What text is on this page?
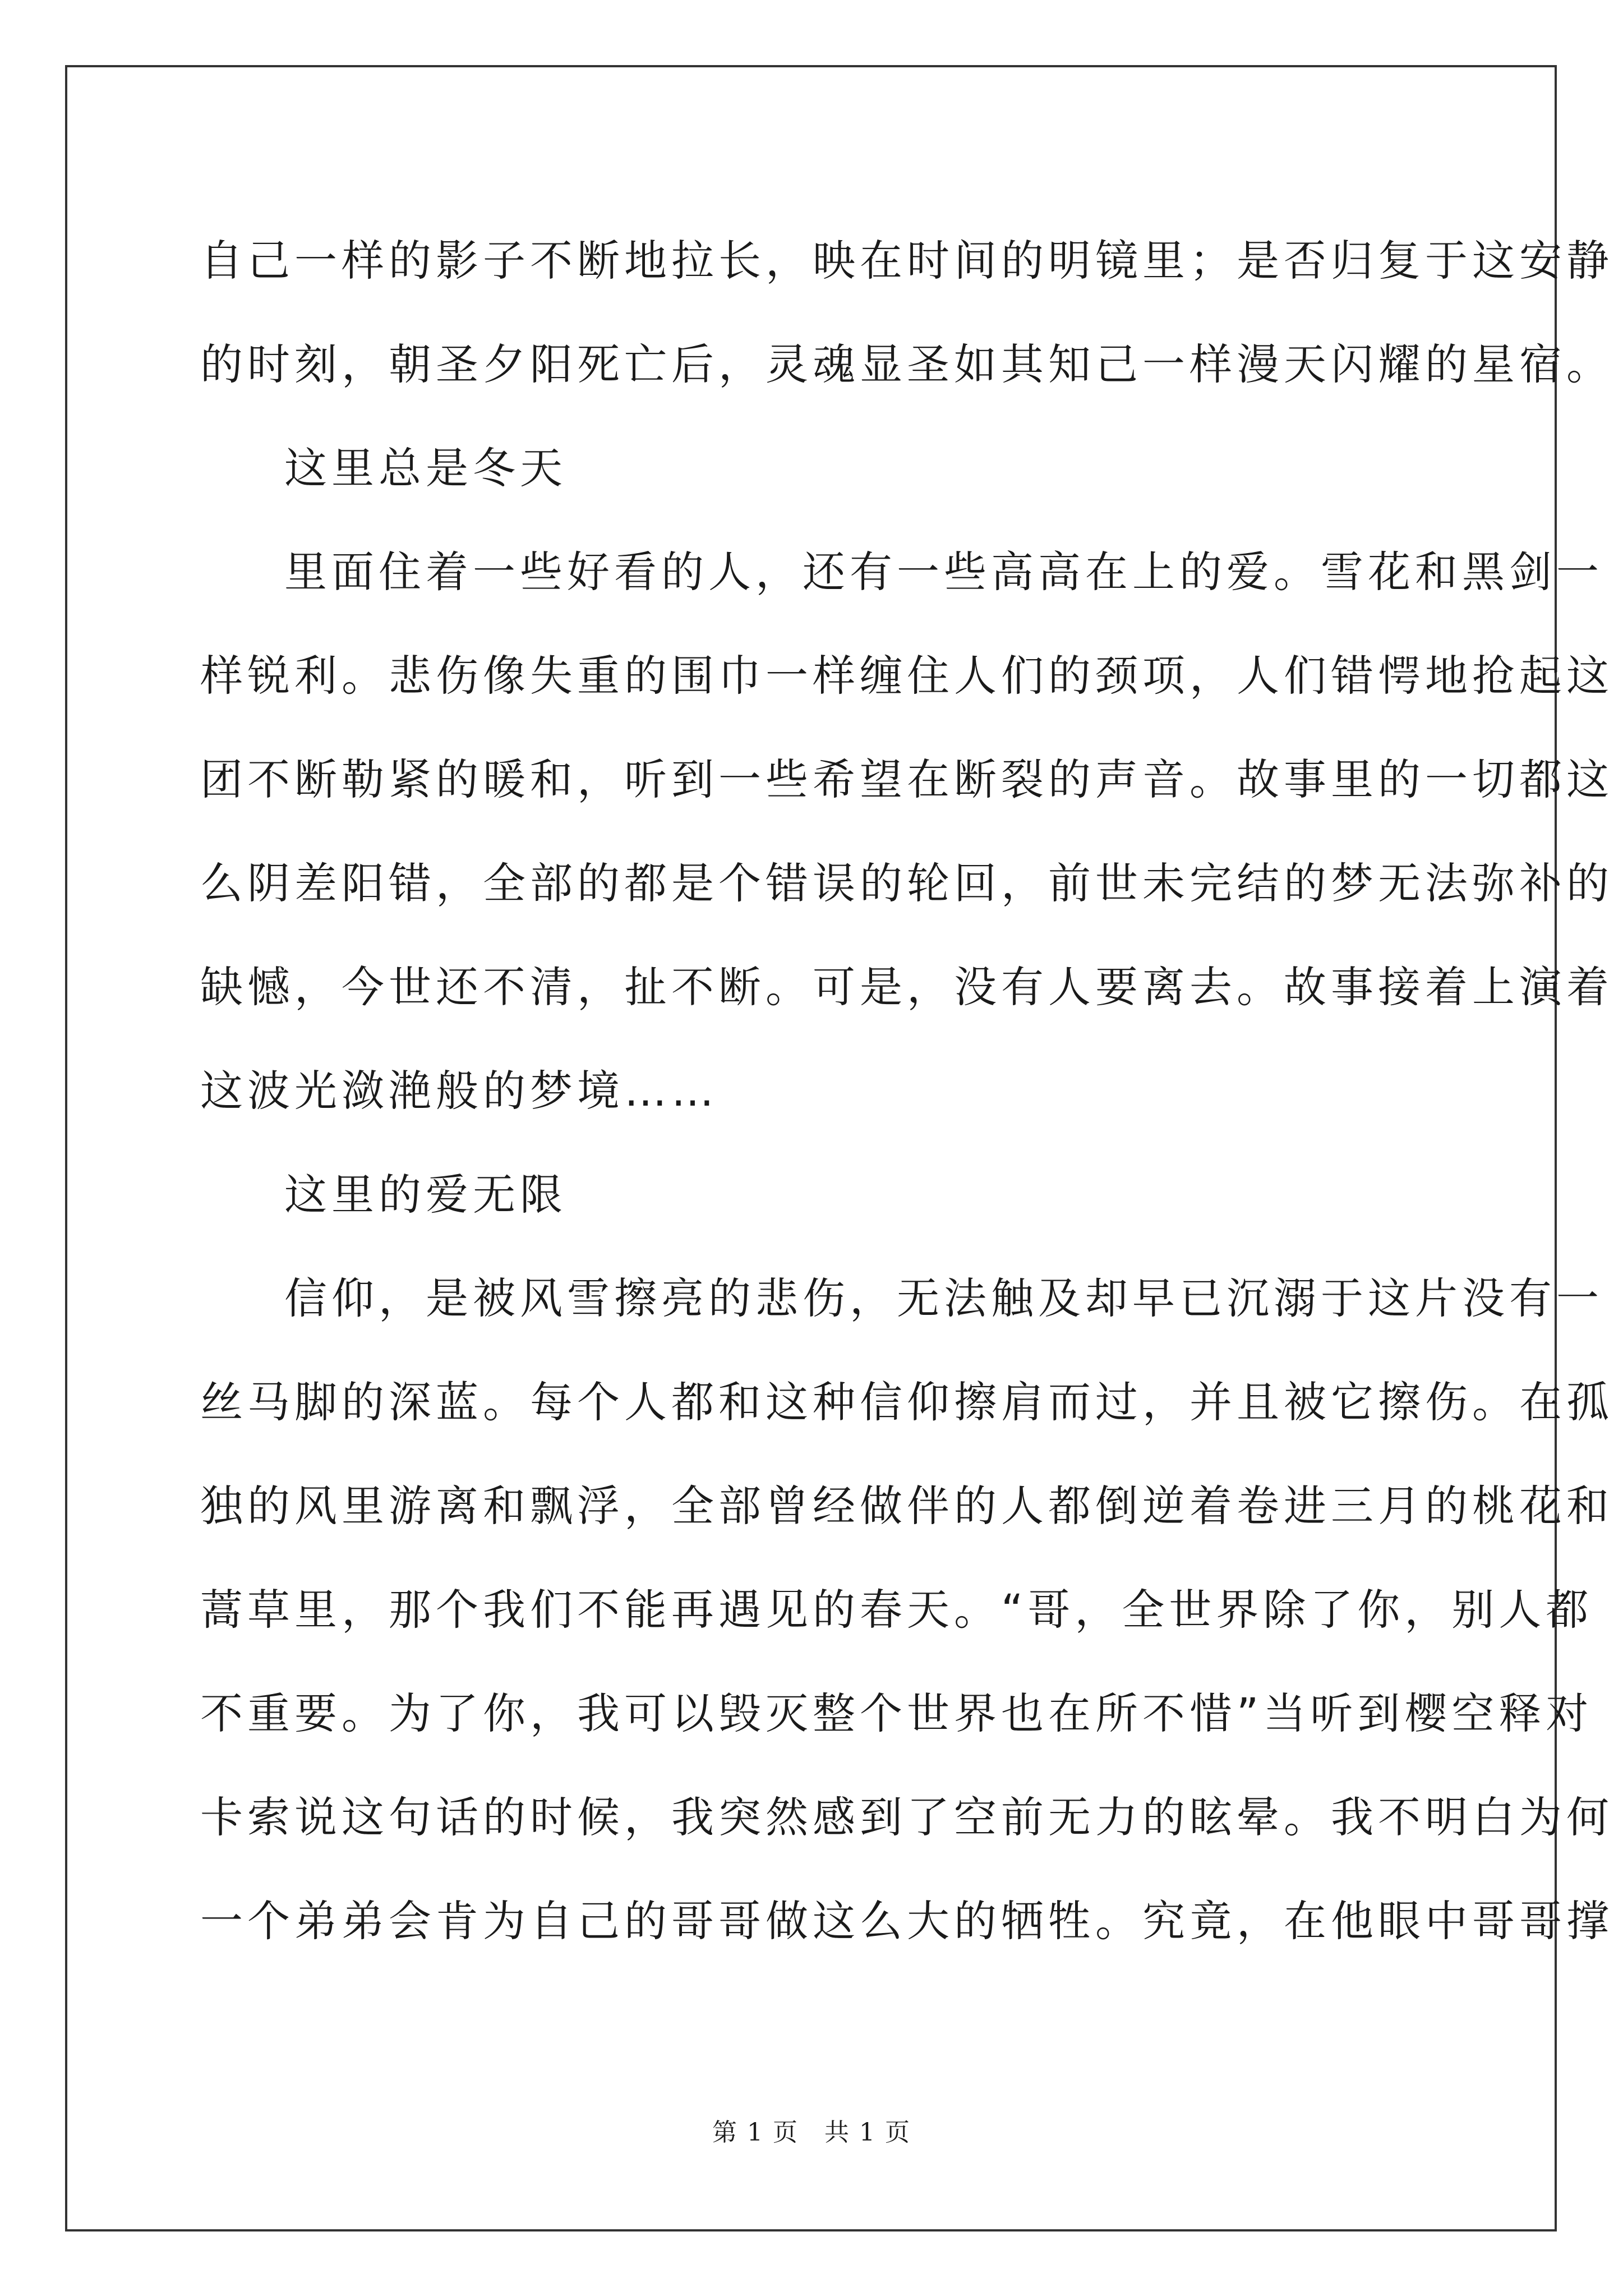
自己一样的影子不断地拉长，映在时间的明镜里；是否归复于这安静
的时刻，朝圣夕阳死亡后，灵魂显圣如其知己一样漫天闪耀的星宿。
这里总是冬天
里面住着一些好看的人，还有一些高高在上的爱。雪花和黑剑一
样锐利。悲伤像失重的围巾一样缠住人们的颈项，人们错愕地抢起这
团不断勒紧的暖和，听到一些希望在断裂的声音。故事里的一切都这
么阴差阳错，全部的都是个错误的轮回，前世未完结的梦无法弥补的
缺憾，今世还不清，扯不断。可是，没有人要离去。故事接着上演着
这波光潋滟般的梦境……
这里的爱无限
信仰，是被风雪擦亮的悲伤，无法触及却早已沉溺于这片没有一
丝马脚的深蓝。每个人都和这种信仰擦肩而过，并且被它擦伤。在孤
独的风里游离和飘浮，全部曾经做伴的人都倒逆着卷进三月的桃花和
蒿草里，那个我们不能再遇见的春天。“哥，全世界除了你，别人都
不重要。为了你，我可以毁灭整个世界也在所不惜”当听到樱空释对
卡索说这句话的时候，我突然感到了空前无力的眩晕。我不明白为何
一个弟弟会肯为自己的哥哥做这么大的牺牲。究竟，在他眼中哥哥撑
第 1 页　共 1 页
